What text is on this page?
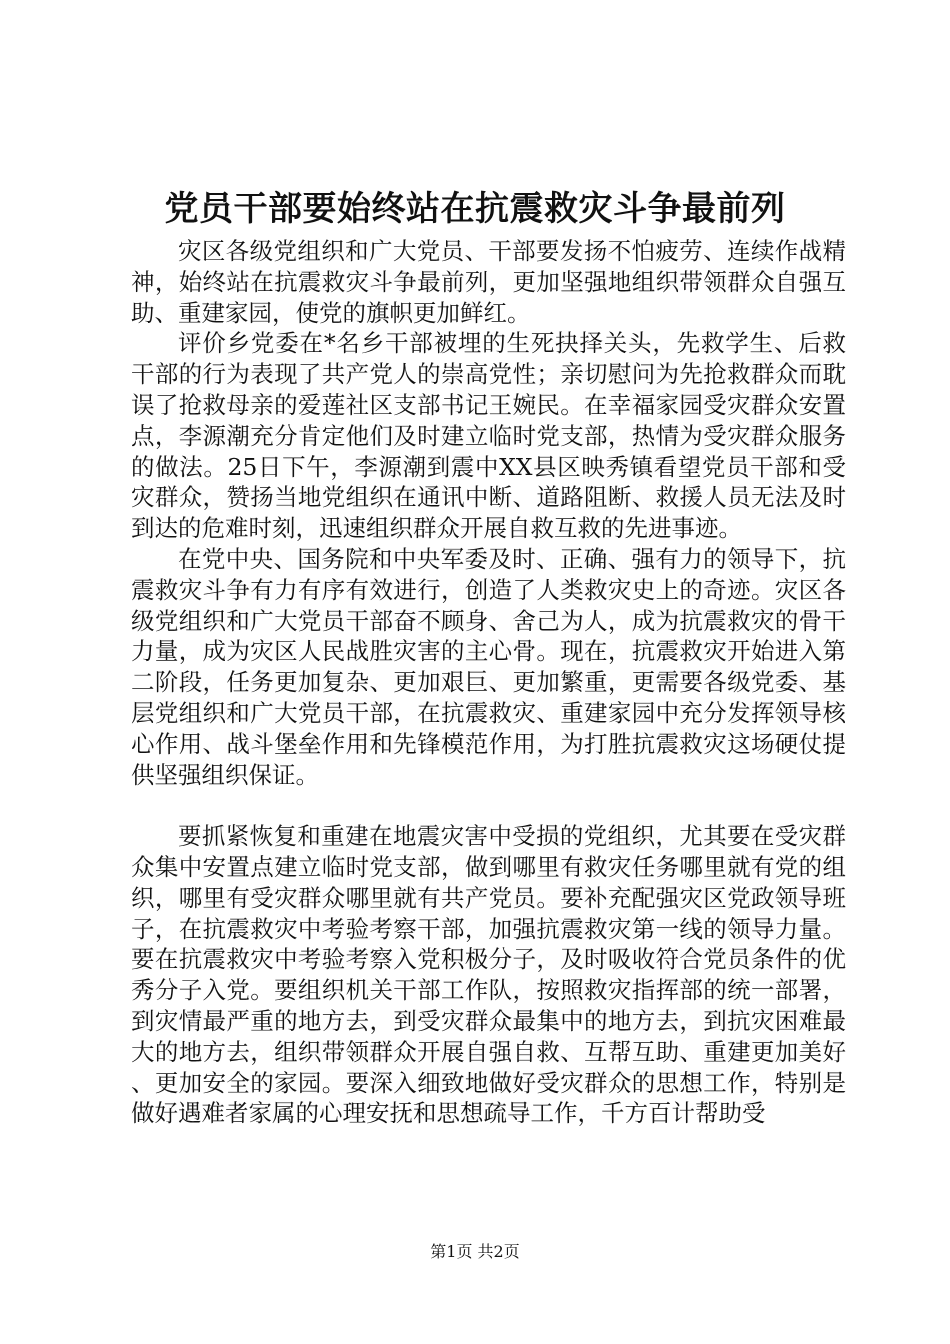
党员干部要始终站在抗震救灾斗争最前列

灾区各级党组织和广大党员、干部要发扬不怕疲劳、连续作战精神，始终站在抗震救灾斗争最前列，更加坚强地组织带领群众自强互助、重建家园，使党的旗帜更加鲜红。

评价乡党委在*名乡干部被埋的生死抉择关头，先救学生、后救干部的行为表现了共产党人的崇高党性；亲切慰问为先抢救群众而耽误了抢救母亲的爱莲社区支部书记王婉民。在幸福家园受灾群众安置点，李源潮充分肯定他们及时建立临时党支部，热情为受灾群众服务的做法。25日下午，李源潮到震中XX县区映秀镇看望党员干部和受灾群众，赞扬当地党组织在通讯中断、道路阻断、救援人员无法及时到达的危难时刻，迅速组织群众开展自救互救的先进事迹。

在党中央、国务院和中央军委及时、正确、强有力的领导下，抗震救灾斗争有力有序有效进行，创造了人类救灾史上的奇迹。灾区各级党组织和广大党员干部奋不顾身、舍己为人，成为抗震救灾的骨干力量，成为灾区人民战胜灾害的主心骨。现在，抗震救灾开始进入第二阶段，任务更加复杂、更加艰巨、更加繁重，更需要各级党委、基层党组织和广大党员干部，在抗震救灾、重建家园中充分发挥领导核心作用、战斗堡垒作用和先锋模范作用，为打胜抗震救灾这场硬仗提供坚强组织保证。

要抓紧恢复和重建在地震灾害中受损的党组织，尤其要在受灾群众集中安置点建立临时党支部，做到哪里有救灾任务哪里就有党的组织，哪里有受灾群众哪里就有共产党员。要补充配强灾区党政领导班子，在抗震救灾中考验考察干部，加强抗震救灾第一线的领导力量。要在抗震救灾中考验考察入党积极分子，及时吸收符合党员条件的优秀分子入党。要组织机关干部工作队，按照救灾指挥部的统一部署，到灾情最严重的地方去，到受灾群众最集中的地方去，到抗灾困难最大的地方去，组织带领群众开展自强自救、互帮互助、重建更加美好、更加安全的家园。要深入细致地做好受灾群众的思想工作，特别是做好遇难者家属的心理安抚和思想疏导工作，千方百计帮助受

第1页 共2页
